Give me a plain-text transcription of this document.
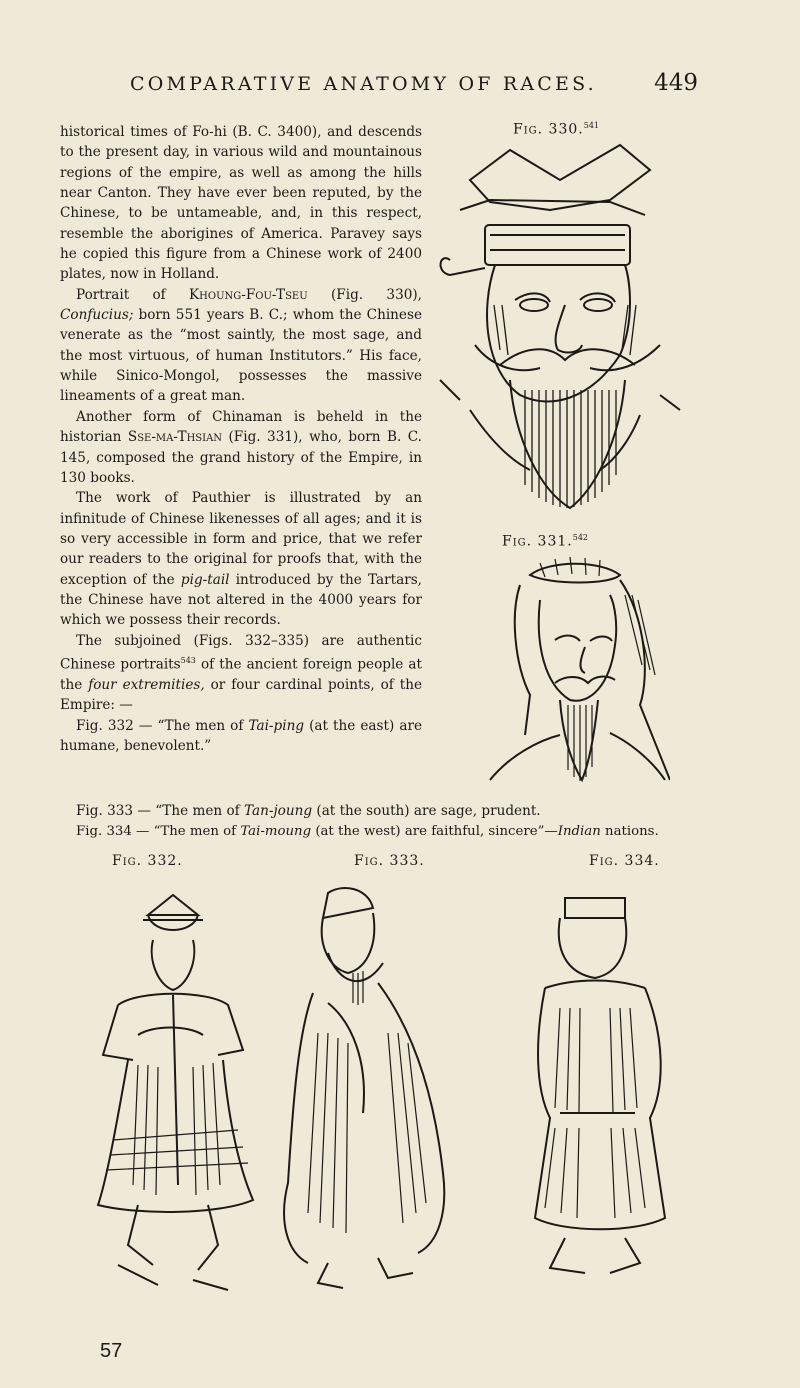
COMPARATIVE ANATOMY OF RACES. 449
Fig. 330.$^{541}$
Fig. 331.$^{542}$

historical times of Fo-hi (B. C. 3400), and descends to the present day, in various wild and mountainous regions of the empire, as well as among the hills near Canton. They have ever been reputed, by the Chinese, to be untameable, and, in this respect, resemble the aborigines of America. Paravey says he copied this figure from a Chinese work of 2400 plates, now in Holland.

Portrait of Khoung-Fou-Tseu (Fig. 330), Confucius; born 551 years B. C.; whom the Chinese venerate as the “most saintly, the most sage, and the most virtuous, of human Institutors.” His face, while Sinico-Mongol, possesses the massive lineaments of a great man.

Another form of Chinaman is beheld in the historian Sse-ma-Thsian (Fig. 331), who, born B. C. 145, composed the grand history of the Empire, in 130 books.

The work of Pauthier is illustrated by an infinitude of Chinese likenesses of all ages; and it is so very accessible in form and price, that we refer our readers to the original for proofs that, with the exception of the pig-tail introduced by the Tartars, the Chinese have not altered in the 4000 years for which we possess their records.

The subjoined (Figs. 332–335) are authentic Chinese portraits$^{543}$ of the ancient foreign people at the four extremities, or four cardinal points, of the Empire: —

Fig. 332 — “The men of Tai-ping (at the east) are humane, benevolent.”

Fig. 333 — “The men of Tan-joung (at the south) are sage, prudent.
Fig. 334 — “The men of Tai-moung (at the west) are faithful, sincere”—Indian nations.
Fig. 332.	Fig. 333.	Fig. 334.
57
